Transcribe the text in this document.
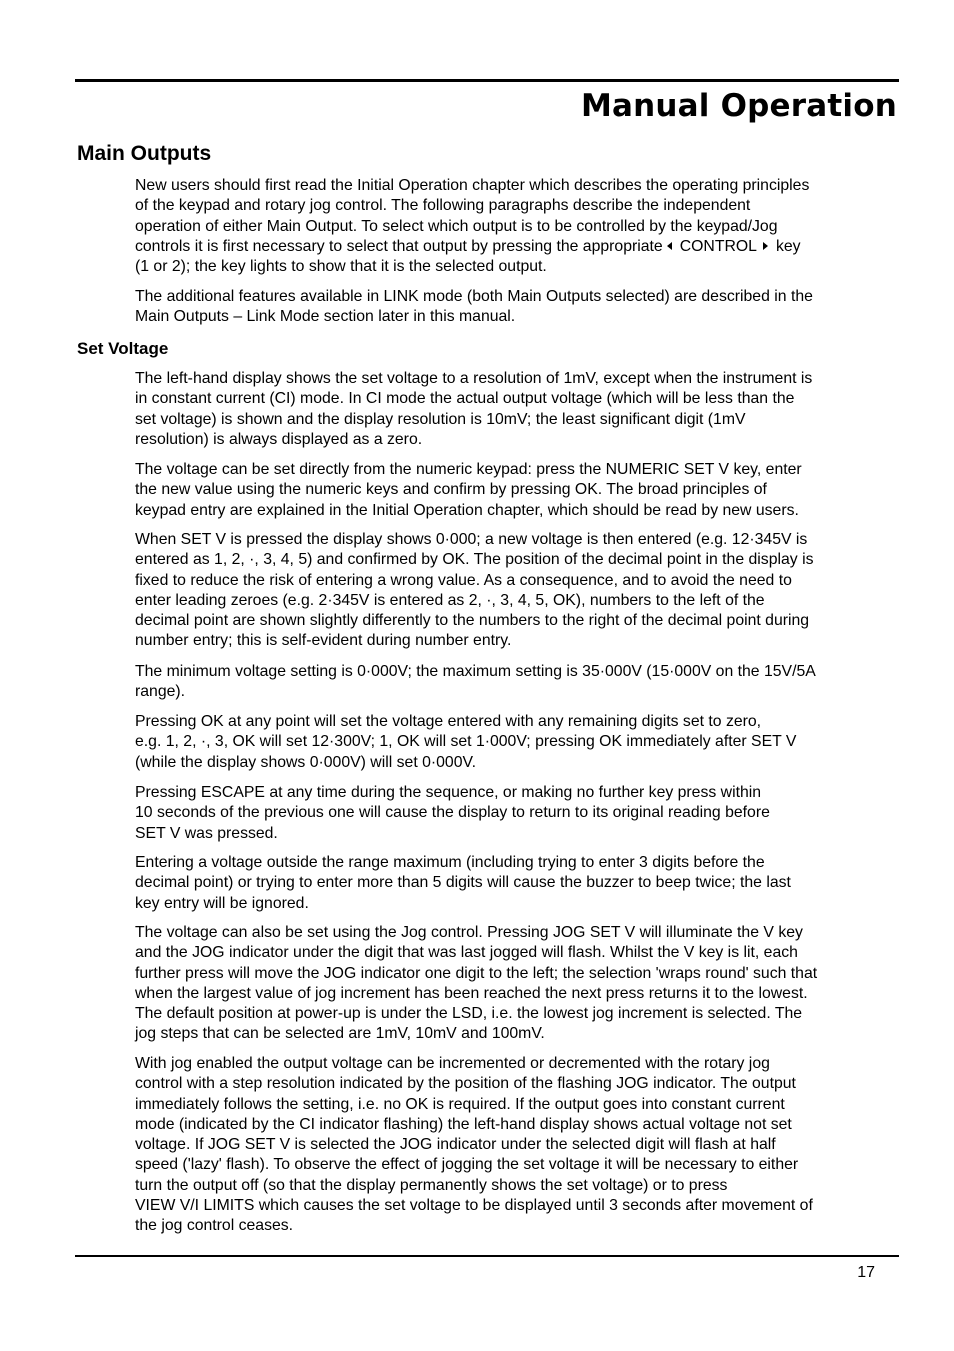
Manual Operation
Main Outputs

New users should first read the Initial Operation chapter which describes the operating principles
of the keypad and rotary jog control. The following paragraphs describe the independent
operation of either Main Output. To select which output is to be controlled by the keypad/Jog
controls it is first necessary to select that output by pressing the appropriate CONTROL key
(1 or 2); the key lights to show that it is the selected output.

The additional features available in LINK mode (both Main Outputs selected) are described in the
Main Outputs – Link Mode section later in this manual.

Set Voltage

The left-hand display shows the set voltage to a resolution of 1mV, except when the instrument is
in constant current (CI) mode. In CI mode the actual output voltage (which will be less than the
set voltage) is shown and the display resolution is 10mV; the least significant digit (1mV
resolution) is always displayed as a zero.

The voltage can be set directly from the numeric keypad: press the NUMERIC SET V key, enter
the new value using the numeric keys and confirm by pressing OK. The broad principles of
keypad entry are explained in the Initial Operation chapter, which should be read by new users.

When SET V is pressed the display shows 0·000; a new voltage is then entered (e.g. 12·345V is
entered as 1, 2, ·, 3, 4, 5) and confirmed by OK. The position of the decimal point in the display is
fixed to reduce the risk of entering a wrong value. As a consequence, and to avoid the need to
enter leading zeroes (e.g. 2·345V is entered as 2, ·, 3, 4, 5, OK), numbers to the left of the
decimal point are shown slightly differently to the numbers to the right of the decimal point during
number entry; this is self-evident during number entry.

The minimum voltage setting is 0·000V; the maximum setting is 35·000V (15·000V on the 15V/5A
range).

Pressing OK at any point will set the voltage entered with any remaining digits set to zero,
e.g. 1, 2, ·, 3, OK will set 12·300V; 1, OK will set 1·000V; pressing OK immediately after SET V
(while the display shows 0·000V) will set 0·000V.

Pressing ESCAPE at any time during the sequence, or making no further key press within
10 seconds of the previous one will cause the display to return to its original reading before
SET V was pressed.

Entering a voltage outside the range maximum (including trying to enter 3 digits before the
decimal point) or trying to enter more than 5 digits will cause the buzzer to beep twice; the last
key entry will be ignored.

The voltage can also be set using the Jog control. Pressing JOG SET V will illuminate the V key
and the JOG indicator under the digit that was last jogged will flash. Whilst the V key is lit, each
further press will move the JOG indicator one digit to the left; the selection 'wraps round' such that
when the largest value of jog increment has been reached the next press returns it to the lowest.
The default position at power-up is under the LSD, i.e. the lowest jog increment is selected. The
jog steps that can be selected are 1mV, 10mV and 100mV.

With jog enabled the output voltage can be incremented or decremented with the rotary jog
control with a step resolution indicated by the position of the flashing JOG indicator. The output
immediately follows the setting, i.e. no OK is required. If the output goes into constant current
mode (indicated by the CI indicator flashing) the left-hand display shows actual voltage not set
voltage. If JOG SET V is selected the JOG indicator under the selected digit will flash at half
speed ('lazy' flash). To observe the effect of jogging the set voltage it will be necessary to either
turn the output off (so that the display permanently shows the set voltage) or to press
VIEW V/I LIMITS which causes the set voltage to be displayed until 3 seconds after movement of
the jog control ceases.

17
